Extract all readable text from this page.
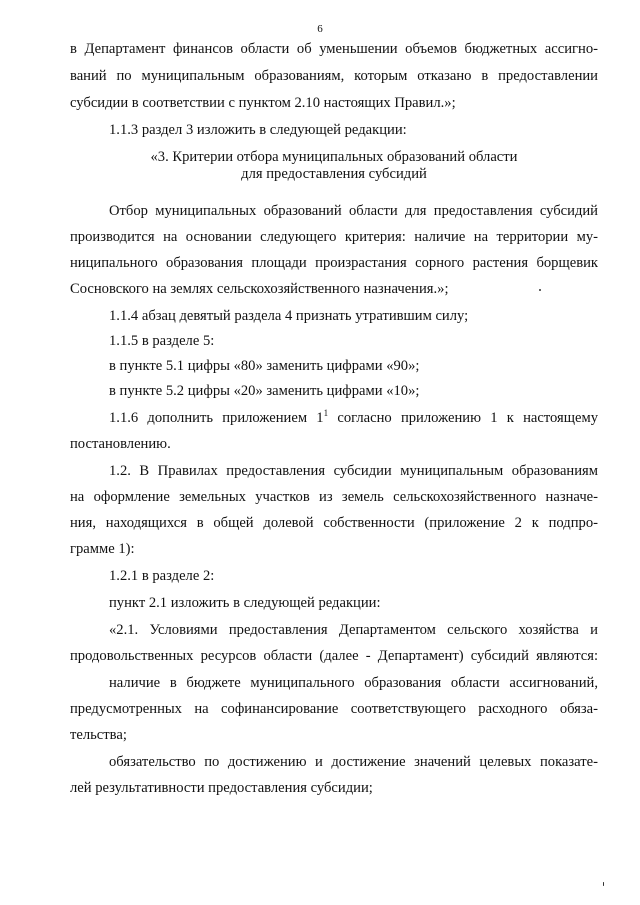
6
в Департамент финансов области об уменьшении объемов бюджетных ассигно-
ваний по муниципальным образованиям, которым отказано в предоставлении
субсидии в соответствии с пунктом 2.10 настоящих Правил.»;
1.1.3 раздел 3 изложить в следующей редакции:
«3. Критерии отбора муниципальных образований области
для предоставления субсидий
Отбор муниципальных образований области для предоставления субсидий
производится на основании следующего критерия: наличие на территории му-
ниципального образования площади произрастания сорного растения борщевик
Сосновского на землях сельскохозяйственного назначения.»;
1.1.4 абзац девятый раздела 4 признать утратившим силу;
1.1.5 в разделе 5:
в пункте 5.1 цифры «80» заменить цифрами «90»;
в пункте 5.2 цифры «20» заменить цифрами «10»;
1.1.6 дополнить приложением $1^1$ согласно приложению 1 к настоящему
постановлению.
1.2. В Правилах предоставления субсидии муниципальным образованиям
на оформление земельных участков из земель сельскохозяйственного назначе-
ния, находящихся в общей долевой собственности (приложение 2 к подпро-
грамме 1):
1.2.1 в разделе 2:
пункт 2.1 изложить в следующей редакции:
«2.1. Условиями предоставления Департаментом сельского хозяйства и
продовольственных ресурсов области (далее - Департамент) субсидий являются:
наличие в бюджете муниципального образования области ассигнований,
предусмотренных на софинансирование соответствующего расходного обяза-
тельства;
обязательство по достижению и достижение значений целевых показате-
лей результативности предоставления субсидии;
